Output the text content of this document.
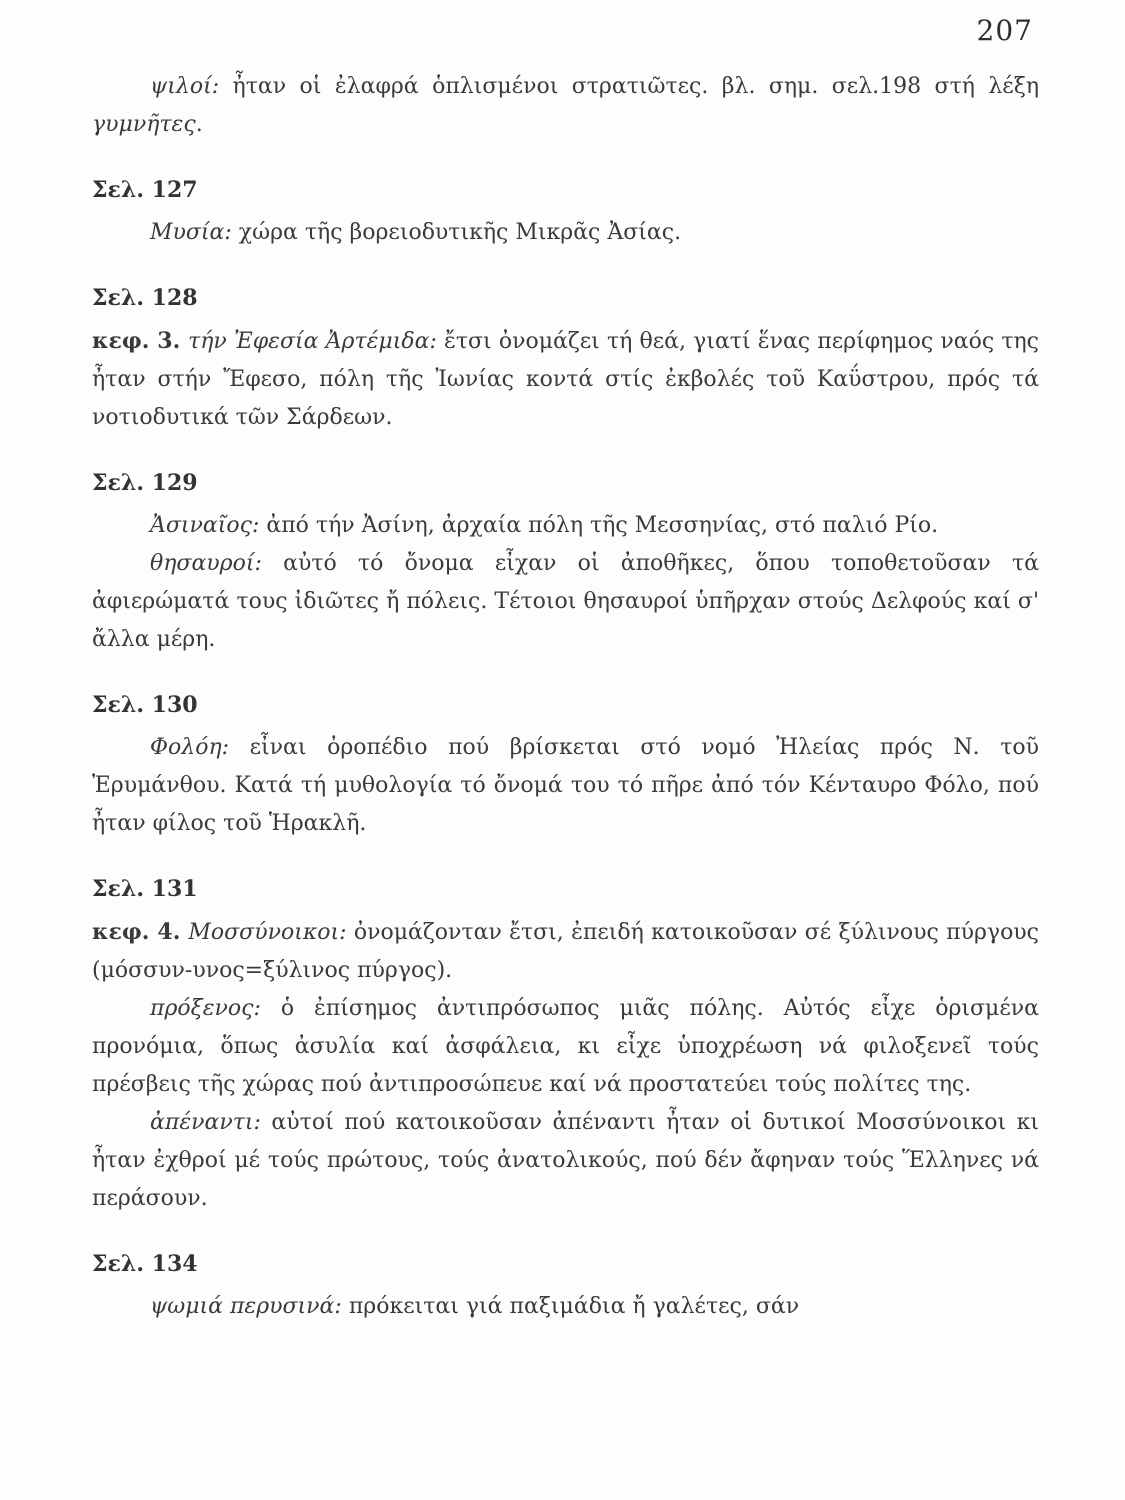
207

ψιλοί: ἦταν οἱ ἐλαφρά ὁπλισμένοι στρατιῶτες. βλ. σημ. σελ.198 στή λέξη γυμνῆτες.

Σελ. 127

Μυσία: χώρα τῆς βορειοδυτικῆς Μικρᾶς Ἀσίας.

Σελ. 128

κεφ. 3. τήν Ἐφεσία Ἀρτέμιδα: ἔτσι ὀνομάζει τή θεά, γιατί ἕνας περίφημος ναός της ἦταν στήν Ἔφεσο, πόλη τῆς Ἰωνίας κοντά στίς ἐκβολές τοῦ Καΰστρου, πρός τά νοτιοδυτικά τῶν Σάρδεων.

Σελ. 129

Ἀσιναῖος: ἀπό τήν Ἀσίνη, ἀρχαία πόλη τῆς Μεσσηνίας, στό παλιό Ρίο.

θησαυροί: αὐτό τό ὄνομα εἶχαν οἱ ἀποθῆκες, ὅπου τοποθετοῦσαν τά ἀφιερώματά τους ἰδιῶτες ἤ πόλεις. Τέτοιοι θησαυροί ὑπῆρχαν στούς Δελφούς καί σ' ἄλλα μέρη.

Σελ. 130

Φολόη: εἶναι ὀροπέδιο πού βρίσκεται στό νομό Ἠλείας πρός Ν. τοῦ Ἐρυμάνθου. Κατά τή μυθολογία τό ὄνομά του τό πῆρε ἀπό τόν Κένταυρο Φόλο, πού ἦταν φίλος τοῦ Ἡρακλῆ.

Σελ. 131

κεφ. 4. Μοσσύνοικοι: ὀνομάζονταν ἔτσι, ἐπειδή κατοικοῦσαν σέ ξύλινους πύργους (μόσσυν-υνος=ξύλινος πύργος).

πρόξενος: ὁ ἐπίσημος ἀντιπρόσωπος μιᾶς πόλης. Αὐτός εἶχε ὁρισμένα προνόμια, ὅπως ἀσυλία καί ἀσφάλεια, κι εἶχε ὑποχρέωση νά φιλοξενεῖ τούς πρέσβεις τῆς χώρας πού ἀντιπροσώπευε καί νά προστατεύει τούς πολίτες της.

ἀπέναντι: αὐτοί πού κατοικοῦσαν ἀπέναντι ἦταν οἱ δυτικοί Μοσσύνοικοι κι ἦταν ἐχθροί μέ τούς πρώτους, τούς ἀνατολικούς, πού δέν ἄφηναν τούς Ἕλληνες νά περάσουν.

Σελ. 134

ψωμιά περυσινά: πρόκειται γιά παξιμάδια ἤ γαλέτες, σάν
